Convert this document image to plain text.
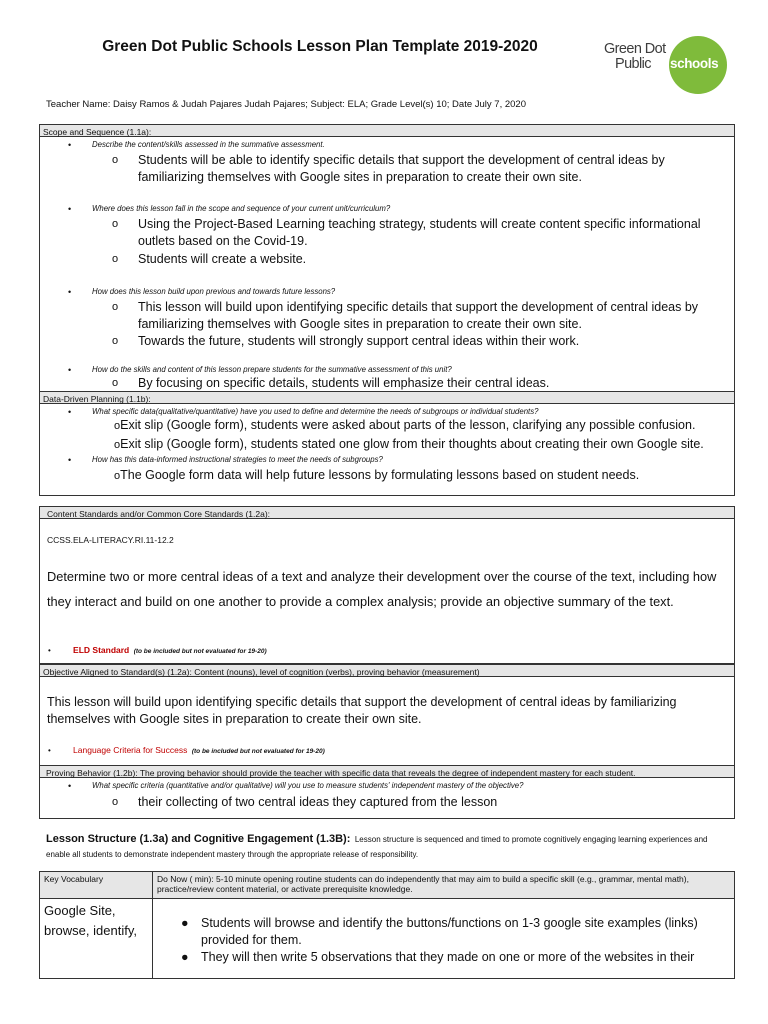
Green Dot Public Schools Lesson Plan Template 2019-2020	Green Dot
Public	schools
Teacher Name: Daisy Ramos & Judah Pajares Judah Pajares; Subject: ELA; Grade Level(s) 10; Date July 7, 2020
Scope and Sequence (1.1a):
• Describe the content/skills assessed in the summative assessment.
o Students will be able to identify specific details that support the development of central ideas by familiarizing themselves with Google sites in preparation to create their own site.
• Where does this lesson fall in the scope and sequence of your current unit/curriculum?
o Using the Project-Based Learning teaching strategy, students will create content specific informational outlets based on the Covid-19.
o Students will create a website.
• How does this lesson build upon previous and towards future lessons?
o This lesson will build upon identifying specific details that support the development of central ideas by familiarizing themselves with Google sites in preparation to create their own site.
o Towards the future, students will strongly support central ideas within their work.
• How do the skills and content of this lesson prepare students for the summative assessment of this unit?
o By focusing on specific details, students will emphasize their central ideas.
Data-Driven Planning (1.1b):
• What specific data(qualitative/quantitative) have you used to define and determine the needs of subgroups or individual students?
oExit slip (Google form), students were asked about parts of the lesson, clarifying any possible confusion.
oExit slip (Google form), students stated one glow from their thoughts about creating their own Google site.
• How has this data-informed instructional strategies to meet the needs of subgroups?
oThe Google form data will help future lessons by formulating lessons based on student needs.
Content Standards and/or Common Core Standards (1.2a):
CCSS.ELA-LITERACY.RI.11-12.2
Determine two or more central ideas of a text and analyze their development over the course of the text, including how they interact and build on one another to provide a complex analysis; provide an objective summary of the text.
•	ELD Standard (to be included but not evaluated for 19-20)
Objective Aligned to Standard(s) (1.2a): Content (nouns), level of cognition (verbs), proving behavior (measurement)
This lesson will build upon identifying specific details that support the development of central ideas by familiarizing themselves with Google sites in preparation to create their own site.
•	Language Criteria for Success (to be included but not evaluated for 19-20)
Proving Behavior (1.2b): The proving behavior should provide the teacher with specific data that reveals the degree of independent mastery for each student.
• What specific criteria (quantitative and/or qualitative) will you use to measure students' independent mastery of the objective?
o their collecting of two central ideas they captured from the lesson
Lesson Structure (1.3a) and Cognitive Engagement (1.3B): Lesson structure is sequenced and timed to promote cognitively engaging learning experiences and enable all students to demonstrate independent mastery through the appropriate release of responsibility.
Key Vocabulary	Do Now ( min): 5-10 minute opening routine students can do independently that may aim to build a specific skill (e.g., grammar, mental math), practice/review content material, or activate prerequisite knowledge.
Google Site, browse, identify,	● Students will browse and identify the buttons/functions on 1-3 google site examples (links) provided for them.
● They will then write 5 observations that they made on one or more of the websites in their
